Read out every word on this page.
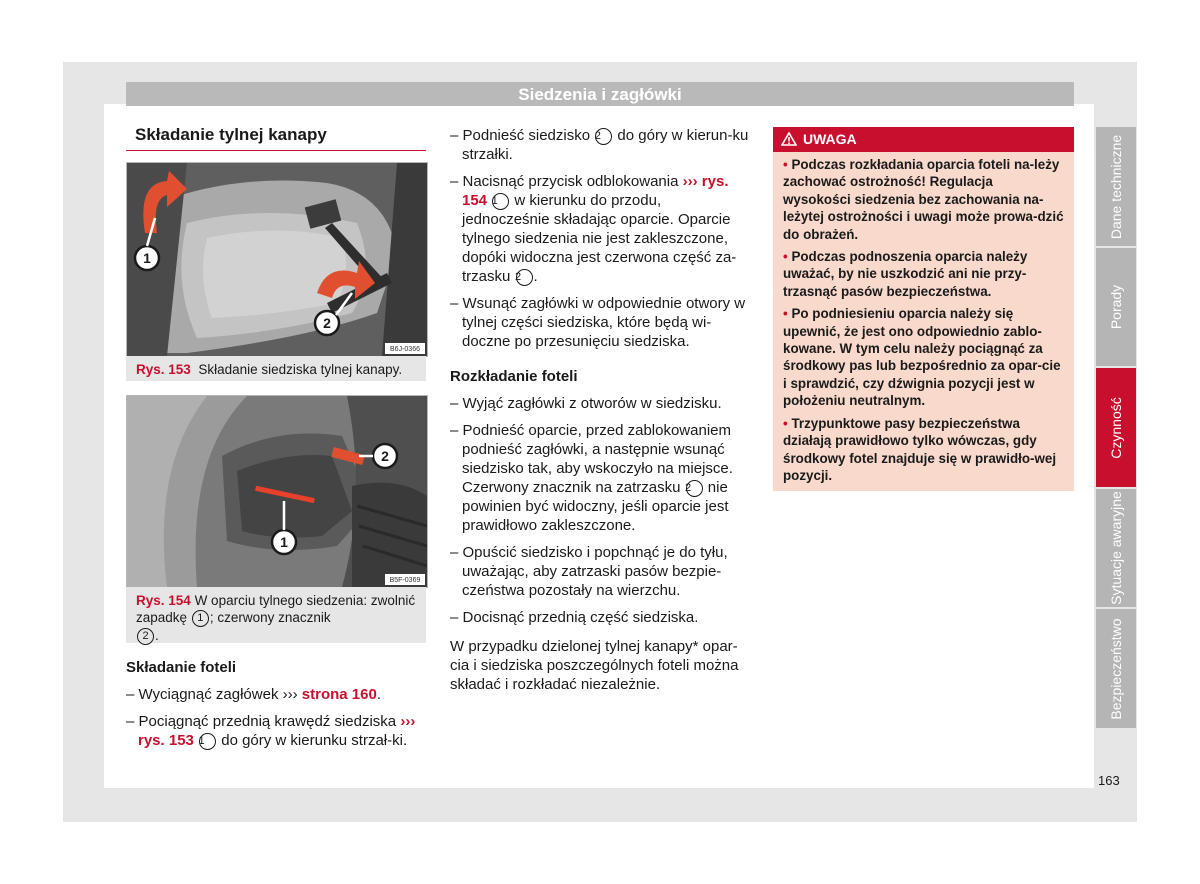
Siedzenia i zagłówki
Składanie tylnej kanapy
1
2
B6J-0366
Rys. 153 Składanie siedziska tylnej kanapy.
2
1
B5F-0369
Rys. 154 W oparciu tylnego siedzenia: zwolnić zapadkę 1 ; czerwony znacznik
2 .
Składanie foteli
– Wyciągnąć zagłówek ››› strona 160.
– Pociągnąć przednią krawędź siedziska ››› rys. 153 1 do góry w kierunku strzał-ki.
– Podnieść siedzisko 2 do góry w kierun-ku strzałki.
– Nacisnąć przycisk odblokowania ››› rys. 154 1 w kierunku do przodu, jednocześnie składając oparcie. Oparcie tylnego siedzenia nie jest zakleszczone, dopóki widoczna jest czerwona część za-trzasku 2 .
– Wsunąć zagłówki w odpowiednie otwory w tylnej części siedziska, które będą wi-doczne po przesunięciu siedziska.
Rozkładanie foteli
– Wyjąć zagłówki z otworów w siedzisku.
– Podnieść oparcie, przed zablokowaniem podnieść zagłówki, a następnie wsunąć siedzisko tak, aby wskoczyło na miejsce. Czerwony znacznik na zatrzasku 2 nie powinien być widoczny, jeśli oparcie jest prawidłowo zakleszczone.
– Opuścić siedzisko i popchnąć je do tyłu, uważając, aby zatrzaski pasów bezpie-czeństwa pozostały na wierzchu.
– Docisnąć przednią część siedziska.

W przypadku dzielonej tylnej kanapy* opar-cia i siedziska poszczególnych foteli można składać i rozkładać niezależnie.

UWAGA

• Podczas rozkładania oparcia foteli na-leży zachować ostrożność! Regulacja wysokości siedzenia bez zachowania na-leżytej ostrożności i uwagi może prowa-dzić do obrażeń.

• Podczas podnoszenia oparcia należy uważać, by nie uszkodzić ani nie przy-trzasnąć pasów bezpieczeństwa.

• Po podniesieniu oparcia należy się upewnić, że jest ono odpowiednio zablo-kowane. W tym celu należy pociągnąć za środkowy pas lub bezpośrednio za opar-cie i sprawdzić, czy dźwignia pozycji jest w położeniu neutralnym.

• Trzypunktowe pasy bezpieczeństwa działają prawidłowo tylko wówczas, gdy środkowy fotel znajduje się w prawidło-wej pozycji.

Dane techniczne
Porady
Czynność
Sytuacje awaryjne
Bezpieczeństwo
163
